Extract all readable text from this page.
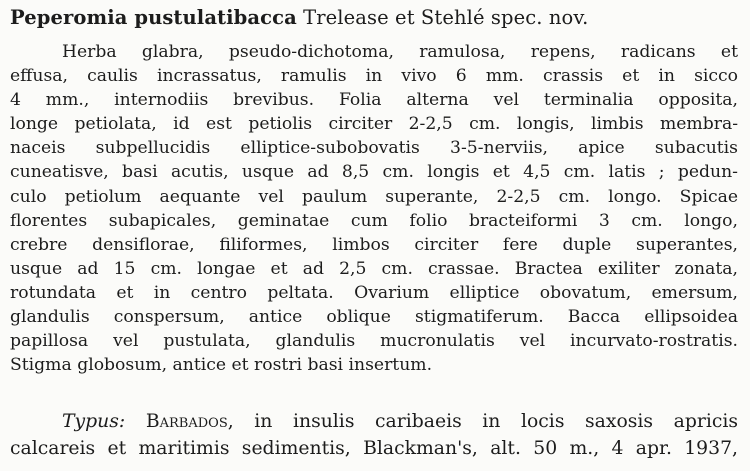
Peperomia pustulatibacca Trelease et Stehlé spec. nov.
Herba glabra, pseudo-dichotoma, ramulosa, repens, radicans et
effusa, caulis incrassatus, ramulis in vivo 6 mm. crassis et in sicco
4 mm., internodiis brevibus. Folia alterna vel terminalia opposita,
longe petiolata, id est petiolis circiter 2-2,5 cm. longis, limbis membra-
naceis subpellucidis elliptice-subobovatis 3-5-nerviis, apice subacutis
cuneatisve, basi acutis, usque ad 8,5 cm. longis et 4,5 cm. latis ; pedun-
culo petiolum aequante vel paulum superante, 2-2,5 cm. longo. Spicae
florentes subapicales, geminatae cum folio bracteiformi 3 cm. longo,
crebre densiflorae, filiformes, limbos circiter fere duple superantes,
usque ad 15 cm. longae et ad 2,5 cm. crassae. Bractea exiliter zonata,
rotundata et in centro peltata. Ovarium elliptice obovatum, emersum,
glandulis conspersum, antice oblique stigmatiferum. Bacca ellipsoidea
papillosa vel pustulata, glandulis mucronulatis vel incurvato-rostratis.
Stigma globosum, antice et rostri basi insertum.
Typus: Barbados, in insulis caribaeis in locis saxosis apricis
calcareis et maritimis sedimentis, Blackman's, alt. 50 m., 4 apr. 1937,
